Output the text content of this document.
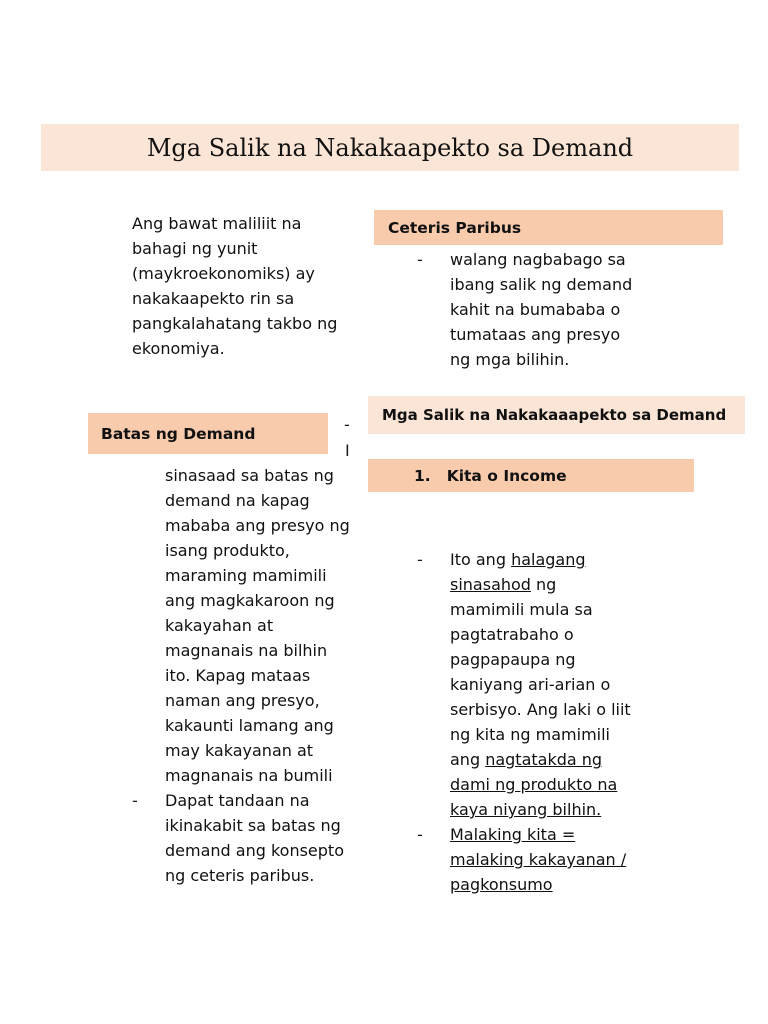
Mga Salik na Nakakaapekto sa Demand
Ang bawat maliliit na
bahagi ng yunit
(maykroekonomiks) ay
nakakaapekto rin sa
pangkalahatang takbo ng
ekonomiya.
Ceteris Paribus
- walang nagbabago sa
ibang salik ng demand
kahit na bumababa o
tumataas ang presyo
ng mga bilihin.
Mga Salik na Nakakaaapekto sa Demand
Batas ng Demand	-
I
1. Kita o Income
sinasaad sa batas ng
demand na kapag
mababa ang presyo ng
isang produkto,
maraming mamimili
ang magkakaroon ng
kakayahan at
magnanais na bilhin
ito. Kapag mataas
naman ang presyo,
kakaunti lamang ang
may kakayanan at
magnanais na bumili
- Dapat tandaan na
ikinakabit sa batas ng
demand ang konsepto
ng ceteris paribus.
- Ito ang halagang
sinasahod ng
mamimili mula sa
pagtatrabaho o
pagpapaupa ng
kaniyang ari-arian o
serbisyo. Ang laki o liit
ng kita ng mamimili
ang nagtatakda ng
dami ng produkto na
kaya niyang bilhin.
- Malaking kita =
malaking kakayanan /
pagkonsumo
